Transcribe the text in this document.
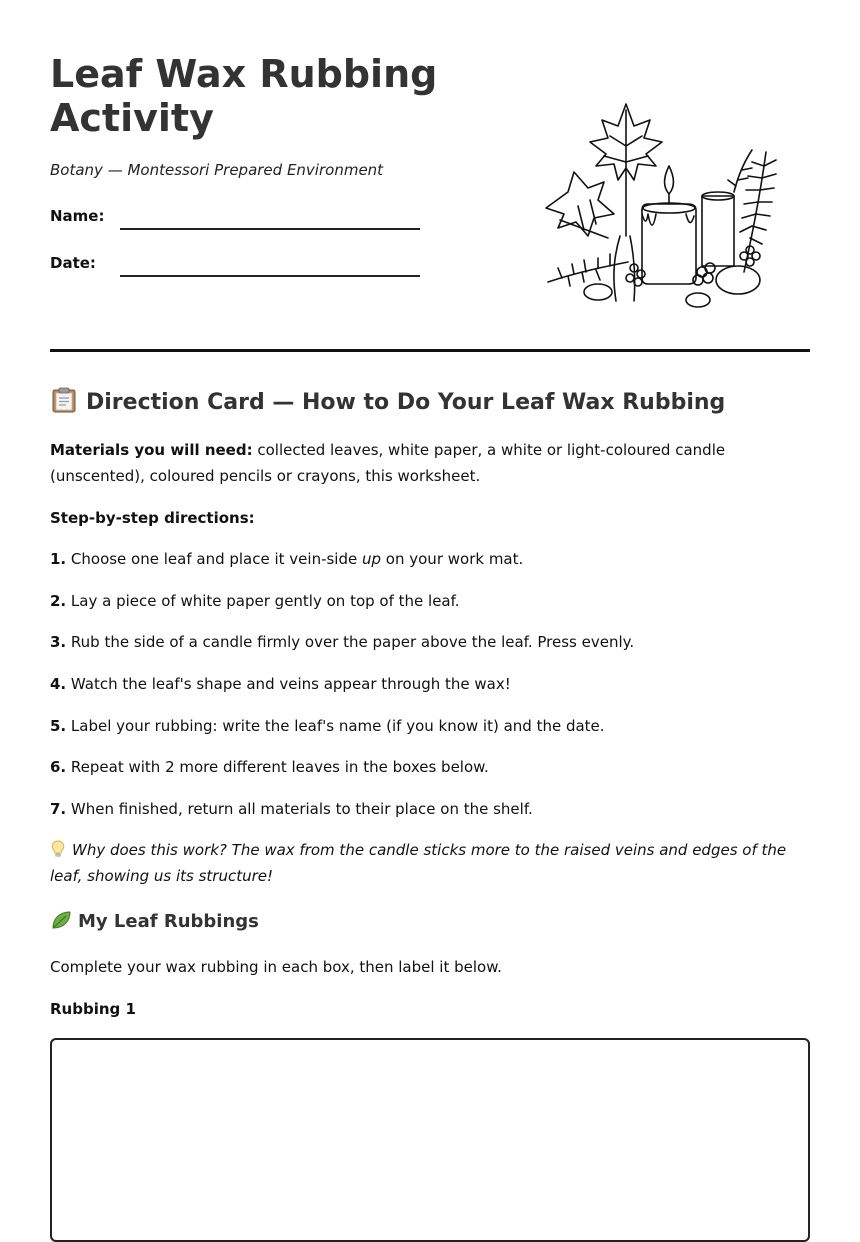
Leaf Wax Rubbing Activity

Botany — Montessori Prepared Environment

Name:
Date:
Direction Card — How to Do Your Leaf Wax Rubbing

Materials you will need: collected leaves, white paper, a white or light-coloured candle (unscented), coloured pencils or crayons, this worksheet.

Step-by-step directions:

1. Choose one leaf and place it vein-side up on your work mat.

2. Lay a piece of white paper gently on top of the leaf.

3. Rub the side of a candle firmly over the paper above the leaf. Press evenly.

4. Watch the leaf's shape and veins appear through the wax!

5. Label your rubbing: write the leaf's name (if you know it) and the date.

6. Repeat with 2 more different leaves in the boxes below.

7. When finished, return all materials to their place on the shelf.

Why does this work? The wax from the candle sticks more to the raised veins and edges of the leaf, showing us its structure!

My Leaf Rubbings

Complete your wax rubbing in each box, then label it below.

Rubbing 1
